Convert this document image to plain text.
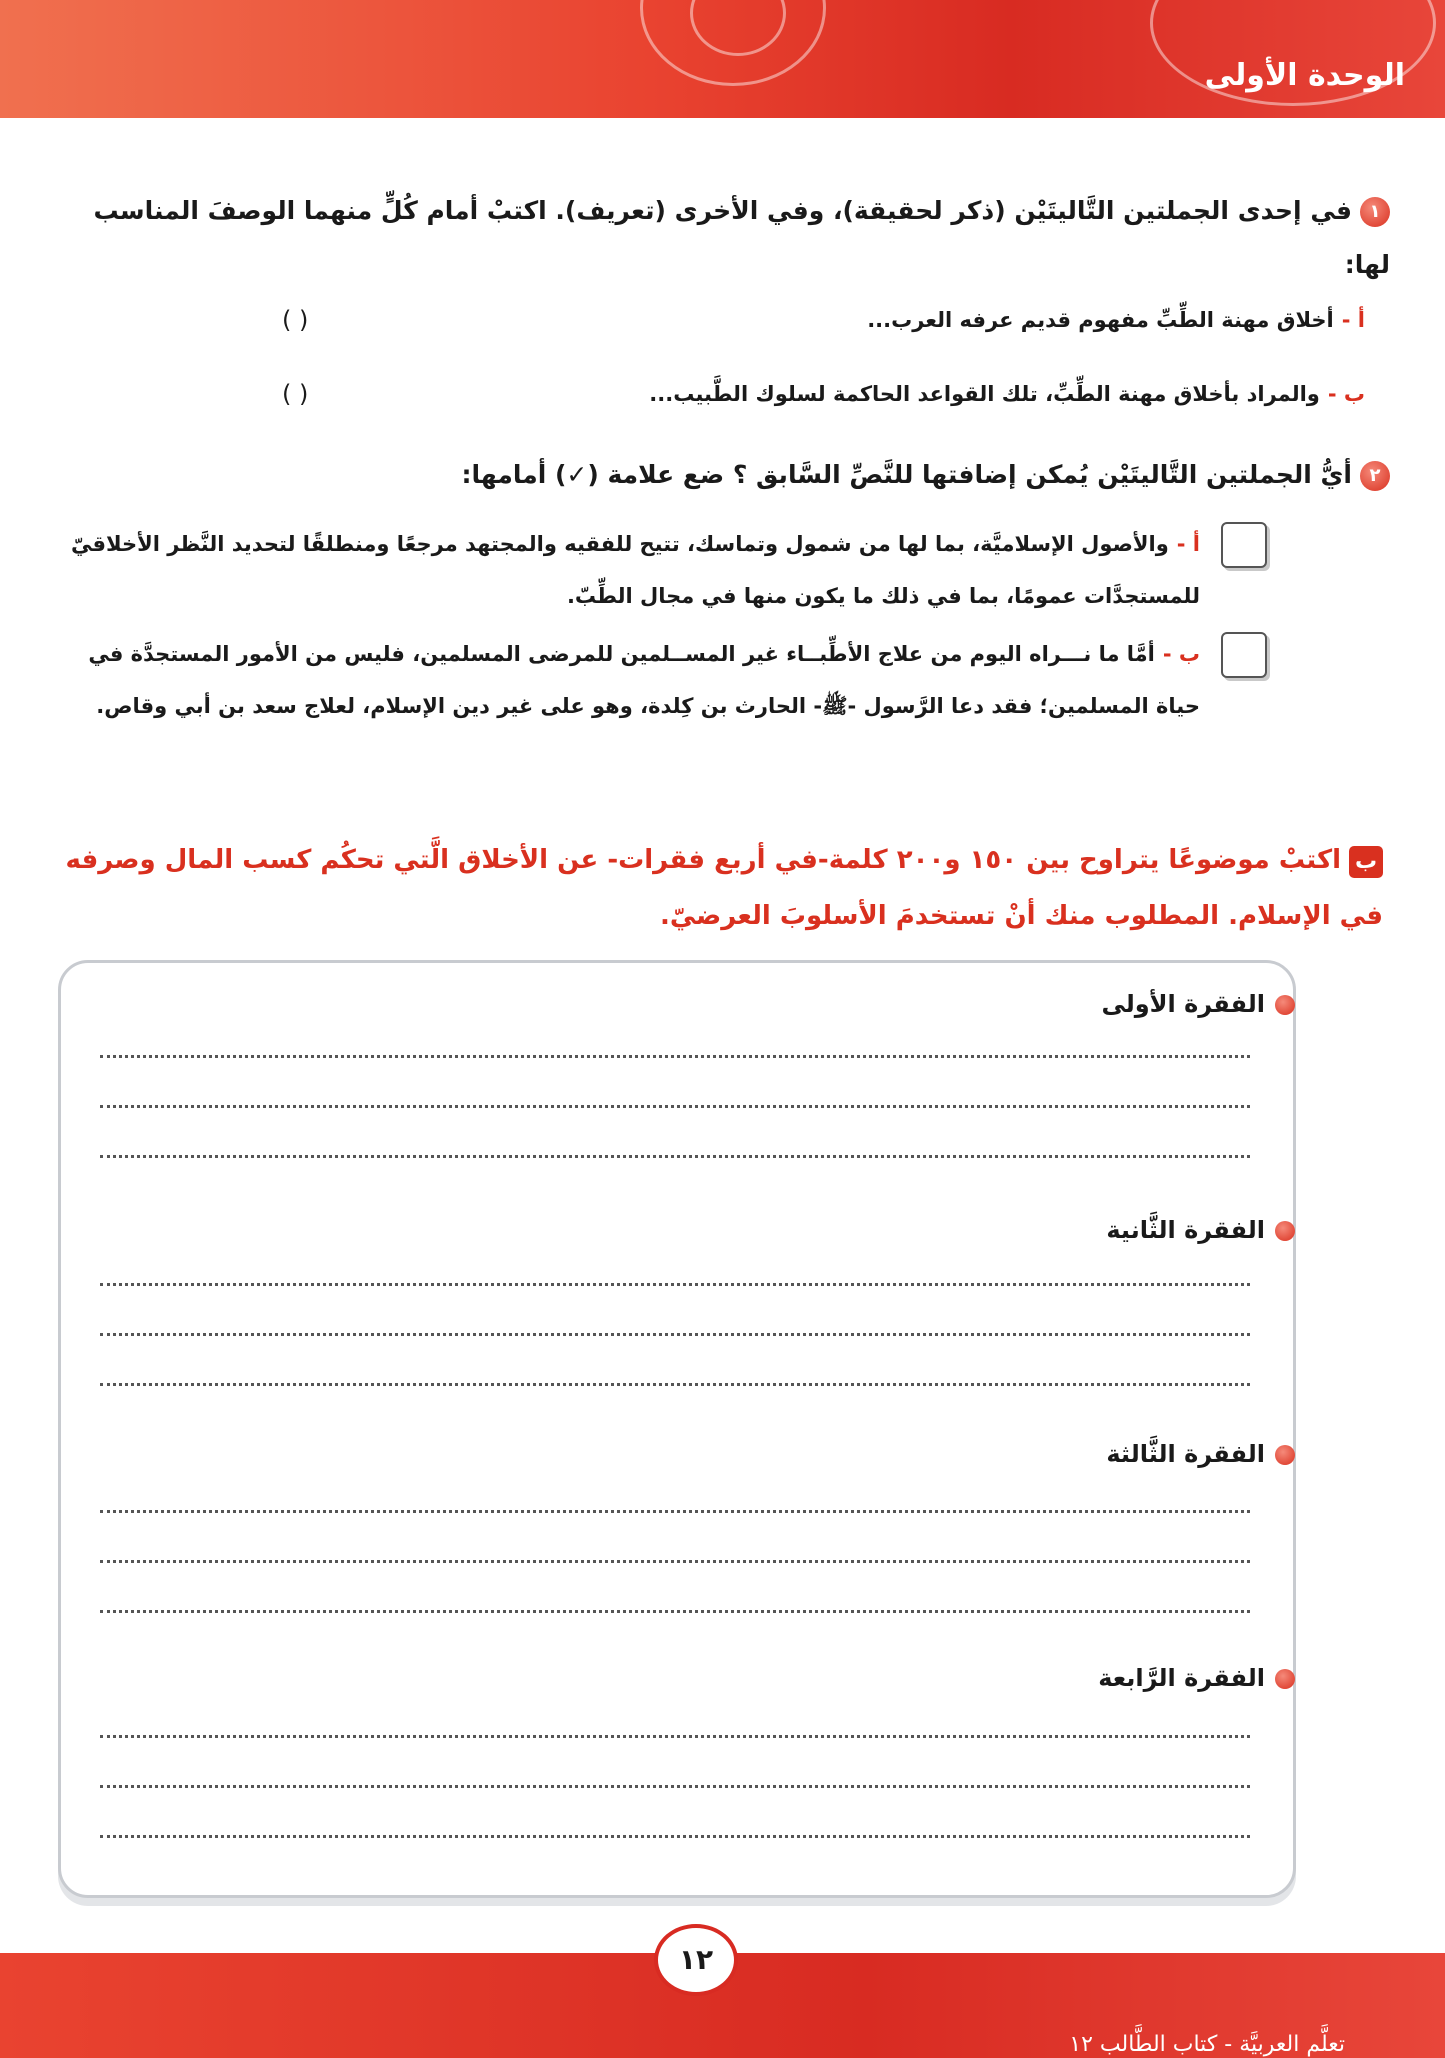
الوحدة الأولى
١في إحدى الجملتين التَّاليتَيْن (ذكر لحقيقة)، وفي الأخرى (تعريف). اكتبْ أمام كُلٍّ منهما الوصفَ المناسب لها:
أ -أخلاق مهنة الطِّبِّ مفهوم قديم عرفه العرب...
( )
ب -والمراد بأخلاق مهنة الطِّبِّ، تلك القواعد الحاكمة لسلوك الطَّبيب...
( )
٢أيُّ الجملتين التَّاليتَيْن يُمكن إضافتها للنَّصِّ السَّابق ؟ ضع علامة (✓) أمامها:
أ -والأصول الإسلاميَّة، بما لها من شمول وتماسك، تتيح للفقيه والمجتهد مرجعًا ومنطلقًا لتحديد النَّظر الأخلاقيّ للمستجدَّات عمومًا، بما في ذلك ما يكون منها في مجال الطِّبّ.
ب -أمَّا ما نـــراه اليوم من علاج الأطِّبــاء غير المســلمين للمرضى المسلمين، فليس من الأمور المستجدَّة في حياة المسلمين؛ فقد دعا الرَّسول -ﷺ- الحارث بن كِلدة، وهو على غير دين الإسلام، لعلاج سعد بن أبي وقاص.
باكتبْ موضوعًا يتراوح بين ١٥٠ و٢٠٠ كلمة-في أربع فقرات- عن الأخلاق الَّتي تحكُم كسب المال وصرفه في الإسلام. المطلوب منك أنْ تستخدمَ الأسلوبَ العرضيّ.
الفقرة الأولى
الفقرة الثَّانية
الفقرة الثَّالثة
الفقرة الرَّابعة
١٢
تعلَّم العربيَّة - كتاب الطَّالب ١٢
